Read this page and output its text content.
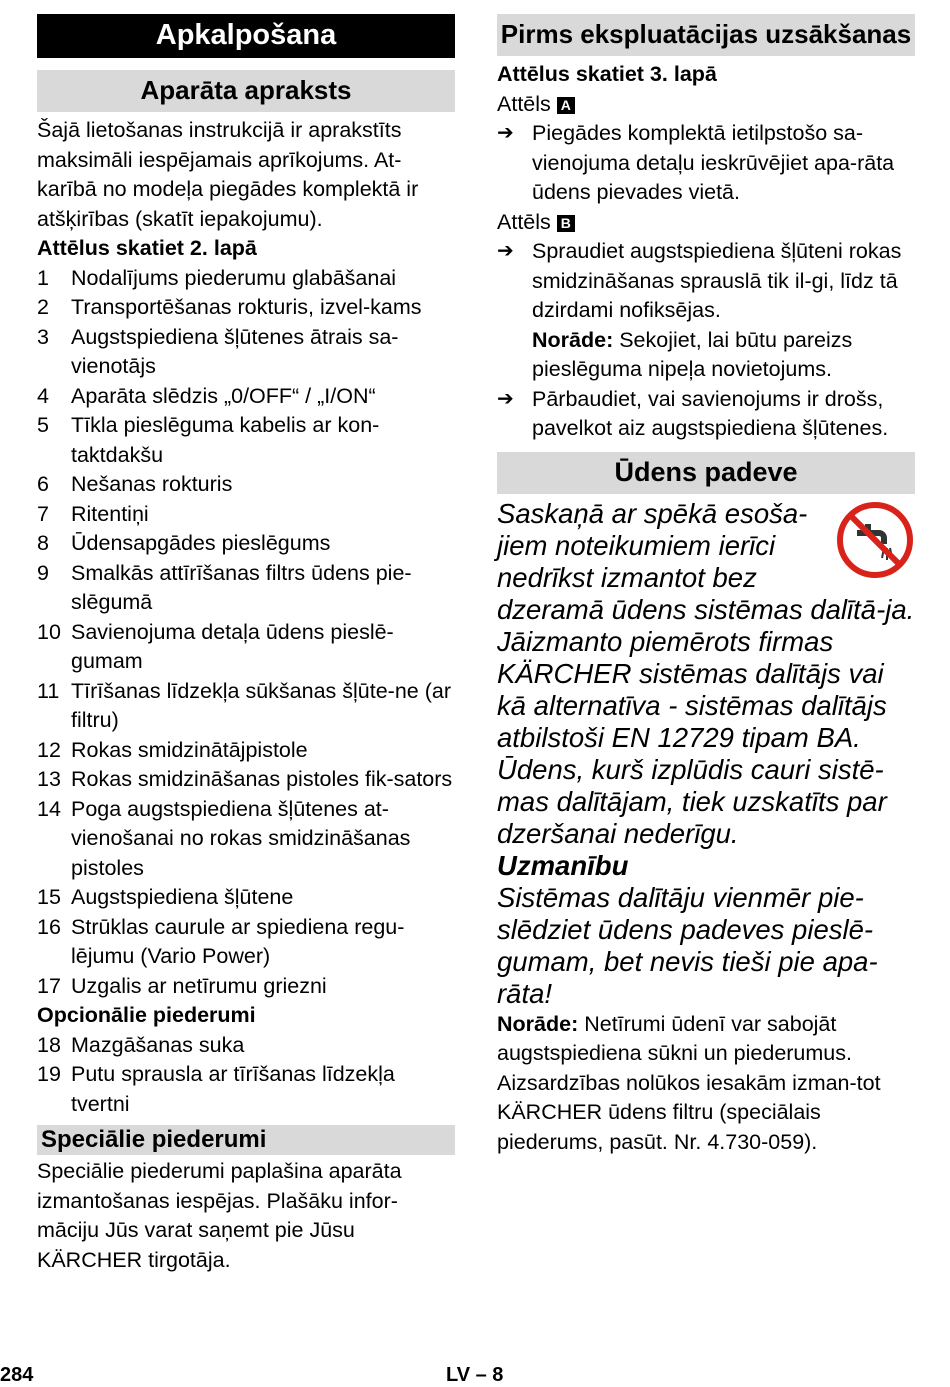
Apkalpošana
Aparāta apraksts
Šajā lietošanas instrukcijā ir aprakstīts maksimāli iespējamais aprīkojums. At-karībā no modeļa piegādes komplektā ir atšķirības (skatīt iepakojumu).
Attēlus skatiet 2. lapā
1	Nodalījums piederumu glabāšanai
2	Transportēšanas rokturis, izvel-kams
3	Augstspiediena šļūtenes ātrais sa-vienotājs
4	Aparāta slēdzis „0/OFF“ / „I/ON“
5	Tīkla pieslēguma kabelis ar kon-taktdakšu
6	Nešanas rokturis
7	Ritentiņi
8	Ūdensapgādes pieslēgums
9	Smalkās attīrīšanas filtrs ūdens pie-slēgumā
10 Savienojuma detaļa ūdens pieslē-gumam
11 Tīrīšanas līdzekļa sūkšanas šļūte-ne (ar filtru)
12 Rokas smidzinātājpistole
13 Rokas smidzināšanas pistoles fik-sators
14 Poga augstspiediena šļūtenes at-vienošanai no rokas smidzināšanas pistoles
15 Augstspiediena šļūtene
16 Strūklas caurule ar spiediena regu-lējumu (Vario Power)
17 Uzgalis ar netīrumu griezni
Opcionālie piederumi
18 Mazgāšanas suka
19 Putu sprausla ar tīrīšanas līdzekļa tvertni
Speciālie piederumi
Speciālie piederumi paplašina aparāta izmantošanas iespējas. Plašāku infor-māciju Jūs varat saņemt pie Jūsu KÄRCHER tirgotāja.
Pirms ekspluatācijas uzsākšanas
Attēlus skatiet 3. lapā
Attēls A
➔ Piegādes komplektā ietilpstošo sa-vienojuma detaļu ieskrūvējiet apa-rāta ūdens pievades vietā.
Attēls B
➔ Spraudiet augstspiediena šļūteni rokas smidzināšanas sprauslā tik il-gi, līdz tā dzirdami nofiksējas.
Norāde: Sekojiet, lai būtu pareizs pieslēguma nipeļa novietojums.
➔ Pārbaudiet, vai savienojums ir drošs, pavelkot aiz augstspiediena šļūtenes.
Ūdens padeve
Saskaņā ar spēkā esoša-jiem noteikumiem ierīci nedrīkst izmantot bez dzeramā ūdens sistēmas dalītā-ja. Jāizmanto piemērots firmas KÄRCHER sistēmas dalītājs vai kā alternatīva - sistēmas dalītājs atbilstoši EN 12729 tipam BA. Ūdens, kurš izplūdis cauri sistē-mas dalītājam, tiek uzskatīts par dzeršanai nederīgu.
Uzmanību
Sistēmas dalītāju vienmēr pie-slēdziet ūdens padeves pieslē-gumam, bet nevis tieši pie apa-rāta!
Norāde: Netīrumi ūdenī var sabojāt augstspiediena sūkni un piederumus. Aizsardzības nolūkos iesakām izman-tot KÄRCHER ūdens filtru (speciālais piederums, pasūt. Nr. 4.730-059).
284	LV – 8
